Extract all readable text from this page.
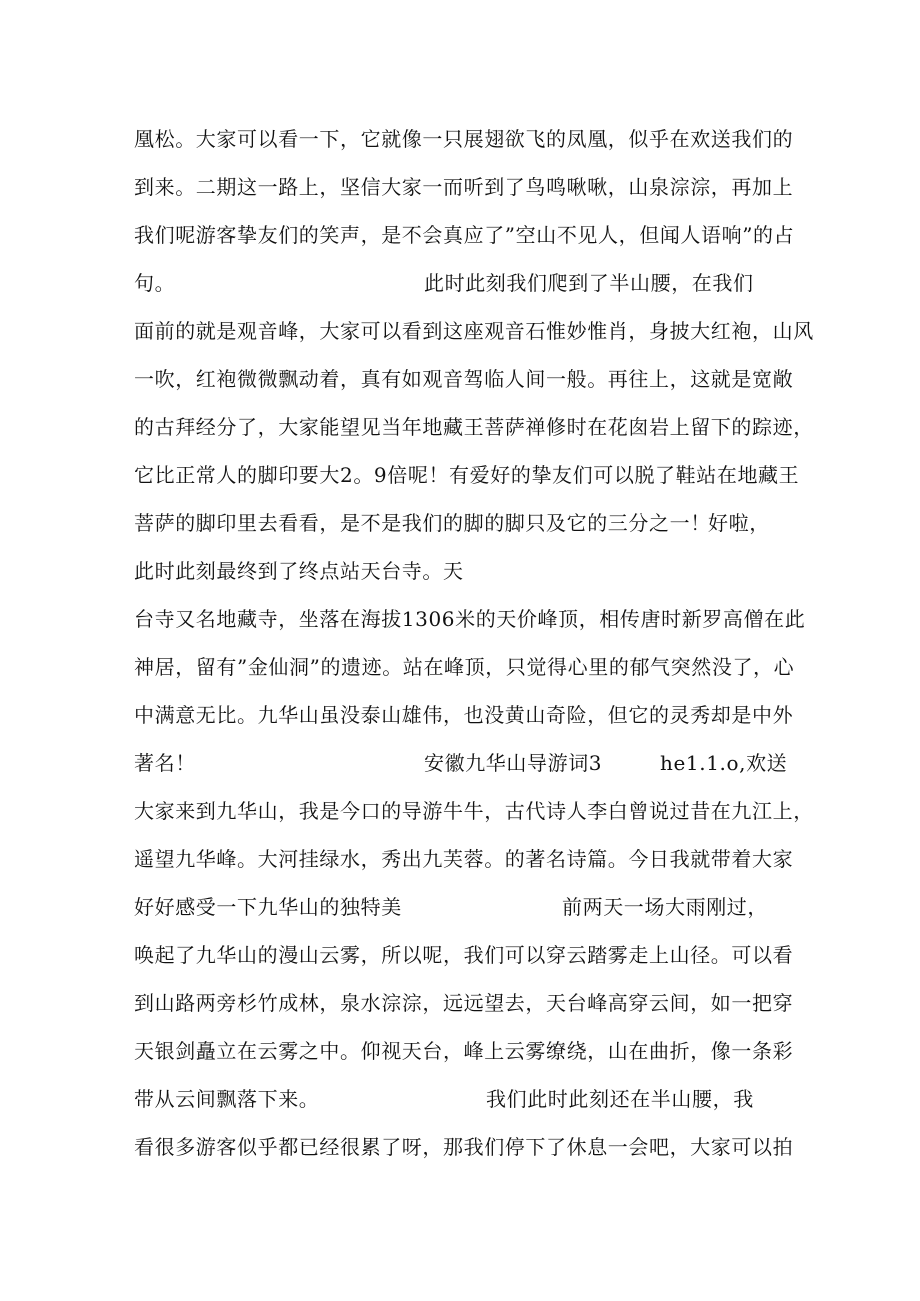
凰松。大家可以看一下，它就像一只展翅欲飞的凤凰，似乎在欢送我们的
到来。二期这一路上，坚信大家一而听到了鸟鸣啾啾，山泉淙淙，再加上
我们呢游客挚友们的笑声，是不会真应了”空山不见人，但闻人语响”的占

句。

	此时此刻我们爬到了半山腰，在我们

面前的就是观音峰，大家可以看到这座观音石惟妙惟肖，身披大红袍，山风
一吹，红袍微微飘动着，真有如观音驾临人间一般。再往上，这就是宽敞
的古拜经分了，大家能望见当年地藏王菩萨禅修时在花囱岩上留下的踪迹，
它比正常人的脚印要大2。9倍呢！有爱好的挚友们可以脱了鞋站在地藏王

菩萨的脚印里去看看，是不是我们的脚的脚只及它的三分之一！

好啦，

此时此刻最终到了终点站天台寺。天
台寺又名地藏寺，坐落在海拔1306米的天价峰顶，相传唐时新罗高僧在此
神居，留有”金仙洞”的遗迹。站在峰顶，只觉得心里的郁气突然没了，心
中满意无比。九华山虽没泰山雄伟，也没黄山奇险，但它的灵秀却是中外

著名！

	安徽九华山导游词3

	he1.1.o,欢送

大家来到九华山，我是今口的导游牛牛，古代诗人李白曾说过昔在九江上，
遥望九华峰。大河挂绿水，秀出九芙蓉。的著名诗篇。今日我就带着大家

好好感受一下九华山的独特美

	前两天一场大雨刚过，

唤起了九华山的漫山云雾，所以呢，我们可以穿云踏雾走上山径。可以看
到山路两旁杉竹成林，泉水淙淙，远远望去，天台峰高穿云间，如一把穿
天银剑矗立在云雾之中。仰视天台，峰上云雾缭绕，山在曲折，像一条彩

带从云间飘落下来。

	我们此时此刻还在半山腰，我

看很多游客似乎都已经很累了呀，那我们停下了休息一会吧，大家可以拍
